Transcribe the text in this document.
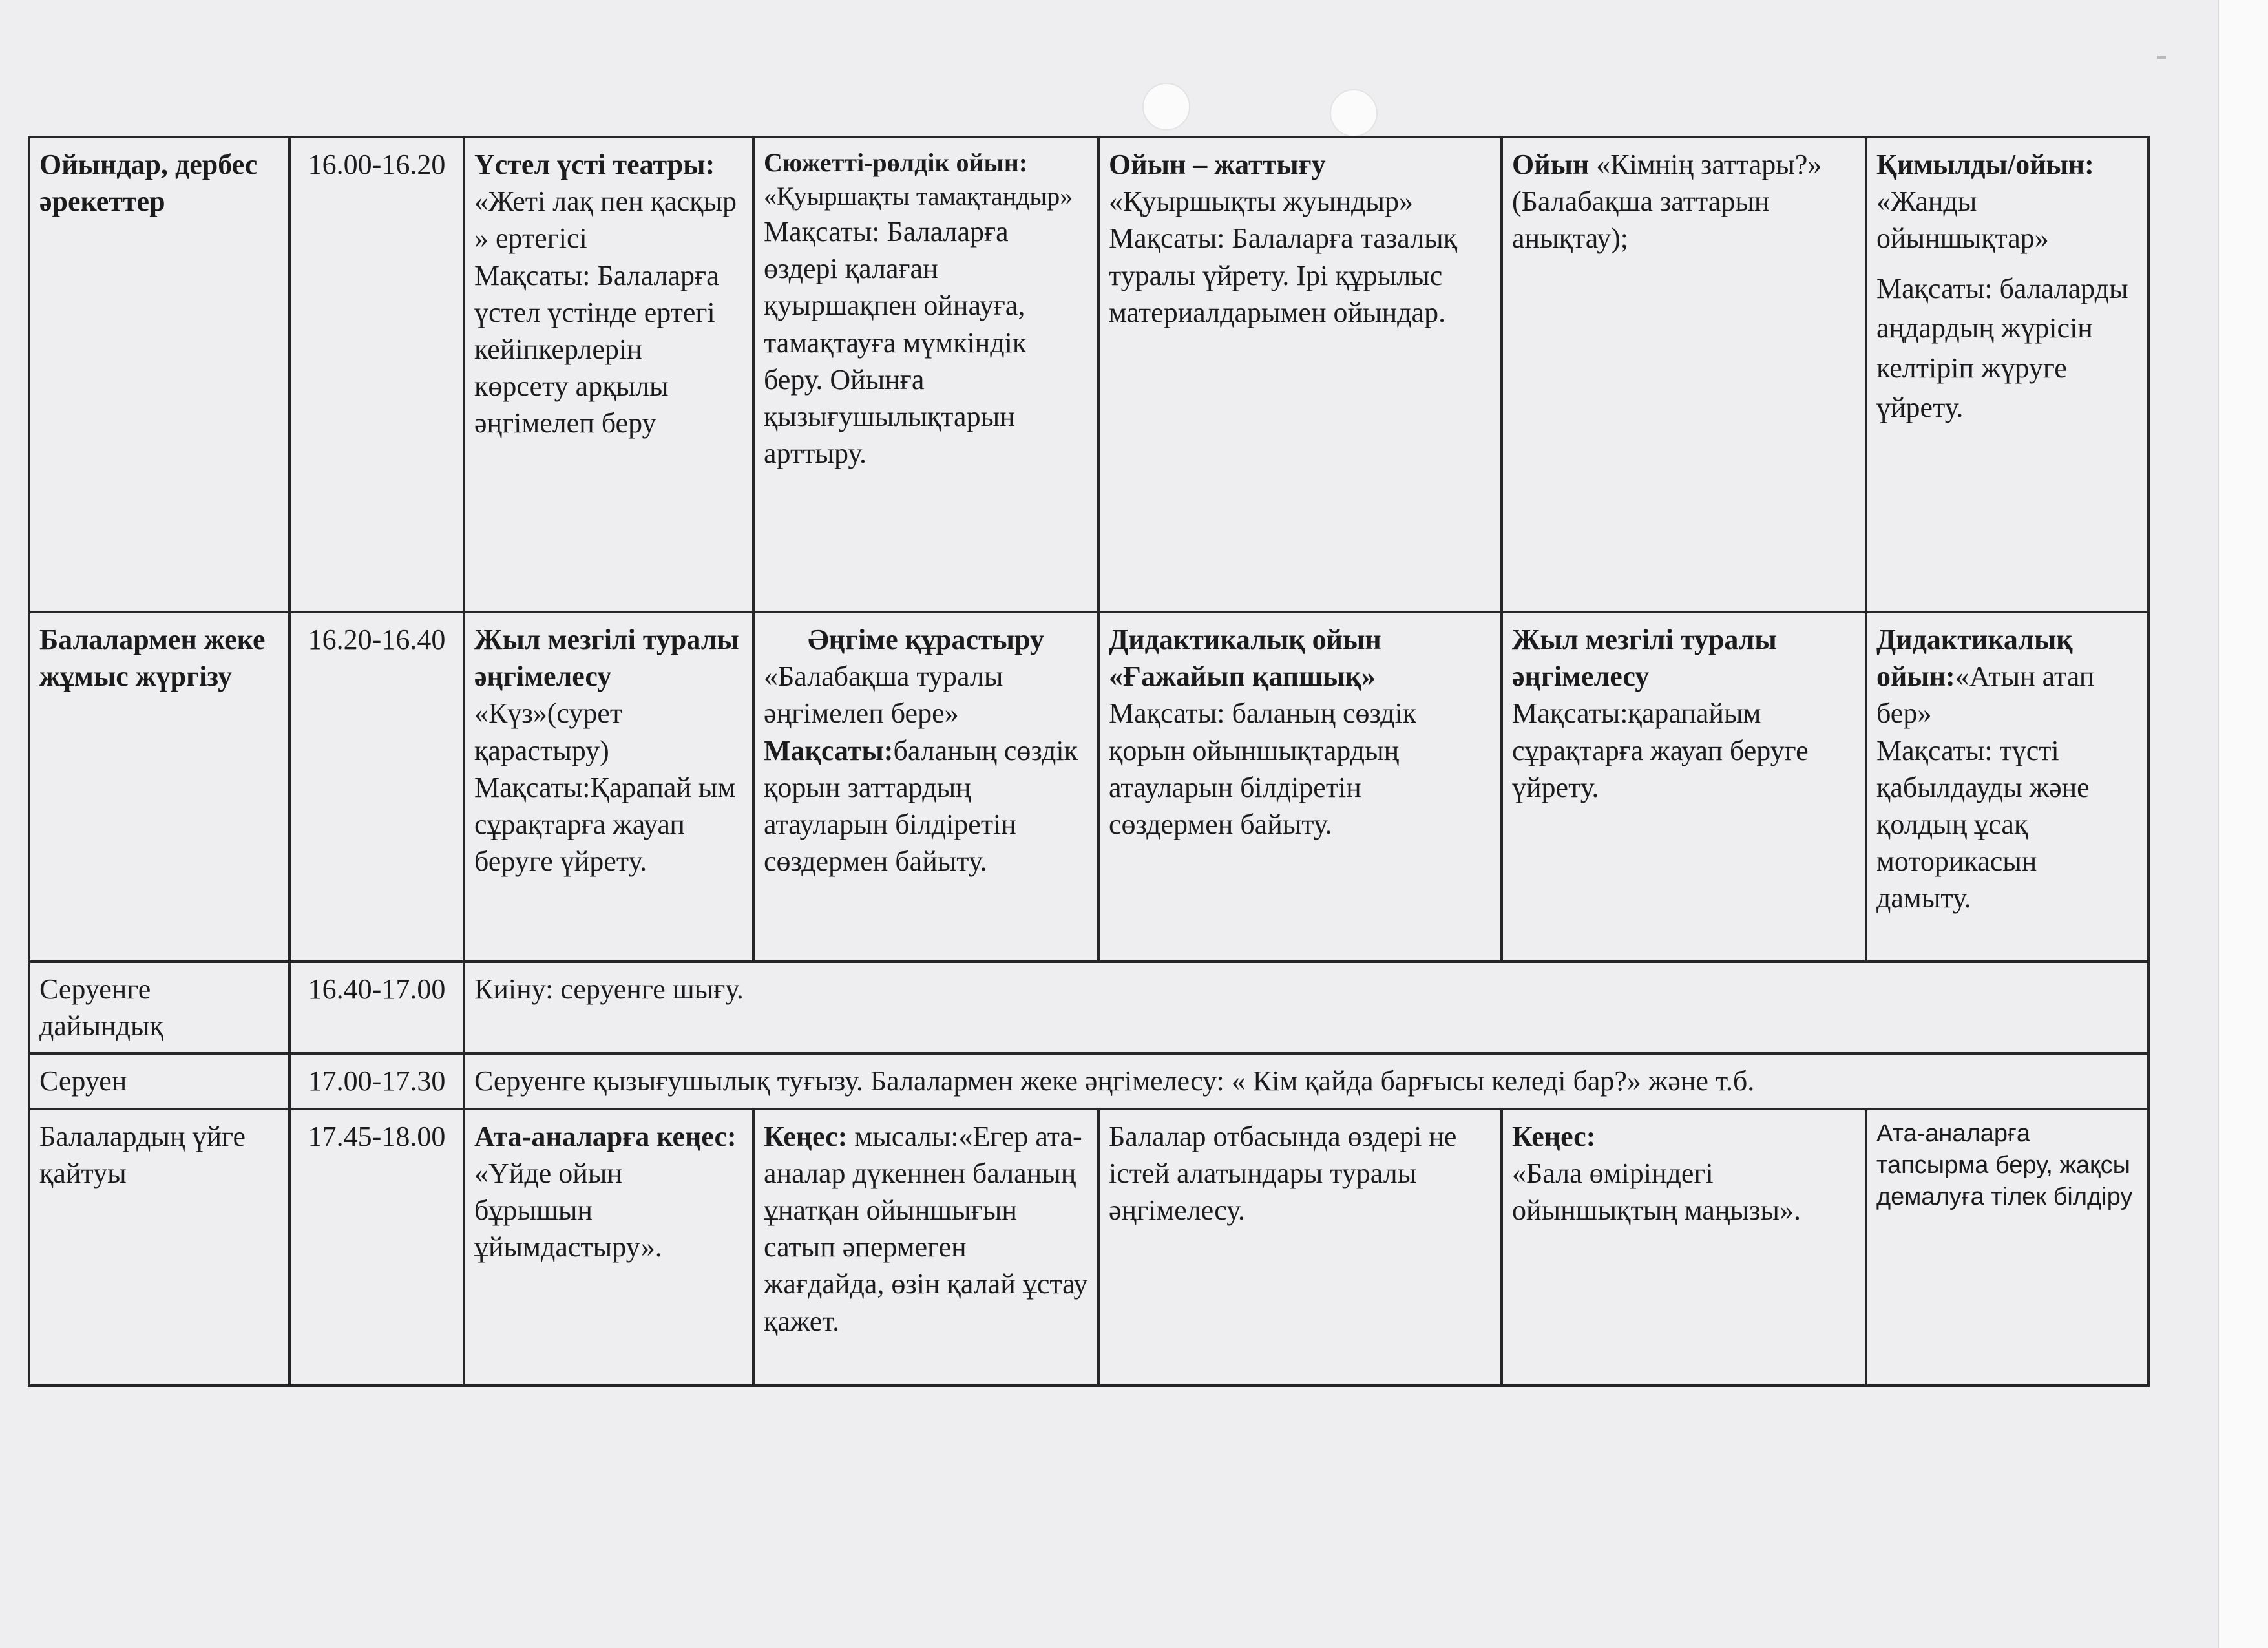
Ойындар, дербес әрекеттер	16.00-16.20	Үстел үсті театры:
«Жеті лақ пен қасқыр » ертегісі
Мақсаты: Балаларға үстел үстінде ертегі кейіпкерлерін көрсету арқылы әңгімелеп беру	Сюжетті-рөлдік ойын:
«Қуыршақты тамақтандыр»
Мақсаты: Балаларға өздері қалаған қуыршақпен ойнауға, тамақтауға мүмкіндік беру. Ойынға қызығушылықтарын арттыру.	Ойын – жаттығу
«Қуыршықты жуындыр»
Мақсаты: Балаларға тазалық туралы үйрету. Ірі құрылыс материалдарымен ойындар.	Ойын «Кімнің заттары?» (Балабақша заттарын анықтау);	Қимылды/ойын:
«Жанды ойыншықтар»
Мақсаты: балаларды аңдардың жүрісін келтіріп жүруге үйрету.

Балалармен жеке жұмыс жүргізу	16.20-16.40	Жыл мезгілі туралы әңгімелесу
«Күз»(сурет қарастыру)
Мақсаты:Қарапай ым сұрақтарға жауап беруге үйрету.	Әңгіме құрастыру
«Балабақша туралы әңгімелеп бере»
Мақсаты:баланың сөздік қорын заттардың атауларын білдіретін сөздермен байыту.	Дидактикалық ойын «Ғажайып қапшық»
Мақсаты: баланың сөздік қорын ойыншықтардың атауларын білдіретін сөздермен байыту.	Жыл мезгілі туралы әңгімелесу
Мақсаты:қарапайым сұрақтарға жауап беруге үйрету.	Дидактикалық ойын:«Атын атап бер»
Мақсаты: түсті қабылдауды және қолдың ұсақ моторикасын дамыту.

Серуенге дайындық	16.40-17.00	Киіну: серуенге шығу.				
Серуен	17.00-17.30	Серуенге қызығушылық туғызу. Балалармен жеке әңгімелесу: « Кім қайда барғысы келеді бар?» және т.б.				
Балалардың үйге қайтуы	17.45-18.00	Ата-аналарға кеңес:
«Үйде ойын бұрышын ұйымдастыру».	Кеңес: мысалы:«Егер ата-аналар дүкеннен баланың ұнатқан ойыншығын сатып әпермеген жағдайда, өзін қалай ұстау қажет.	Балалар отбасында өздері не істей алатындары туралы әңгімелесу.	Кеңес:
«Бала өміріндегі ойыншықтың маңызы».	Ата-аналарға тапсырма беру, жақсы демалуға тілек білдіру
